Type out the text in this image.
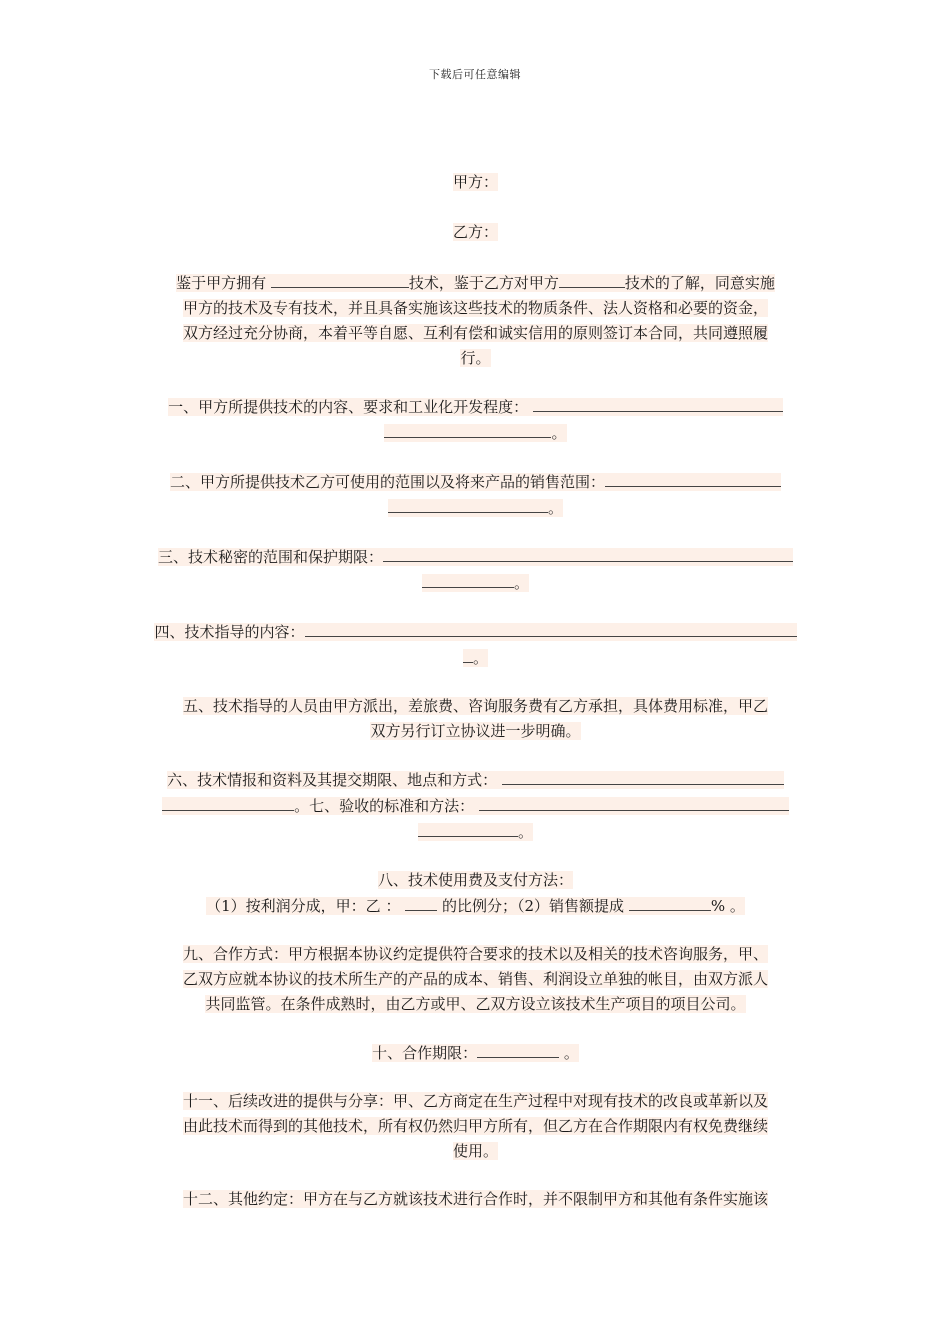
下载后可任意编辑

甲方：

乙方：

鉴于甲方拥有	技术，鉴于乙方对甲方	技术的了解，同意实施

甲方的技术及专有技术，并且具备实施该这些技术的物质条件、法人资格和必要的资金，

双方经过充分协商，本着平等自愿、互利有偿和诚实信用的原则签订本合同，共同遵照履

行。

一、甲方所提供技术的内容、要求和工业化开发程度：

。

二、甲方所提供技术乙方可使用的范围以及将来产品的销售范围：

。

三、技术秘密的范围和保护期限：

。

四、技术指导的内容：

。

五、技术指导的人员由甲方派出，差旅费、咨询服务费有乙方承担，具体费用标准，甲乙

双方另行订立协议进一步明确。

六、技术情报和资料及其提交期限、地点和方式：

。七、验收的标准和方法：

。

八、技术使用费及支付方法：

（1）按利润分成，甲：乙 ：	的比例分；（2）销售额提成	% 。

九、合作方式：甲方根据本协议约定提供符合要求的技术以及相关的技术咨询服务，甲、

乙双方应就本协议的技术所生产的产品的成本、销售、利润设立单独的帐目，由双方派人

共同监管。在条件成熟时，由乙方或甲、乙双方设立该技术生产项目的项目公司。

十、合作期限：	。

十一、后续改进的提供与分享：甲、乙方商定在生产过程中对现有技术的改良或革新以及

由此技术而得到的其他技术，所有权仍然归甲方所有，但乙方在合作期限内有权免费继续

使用。

十二、其他约定：甲方在与乙方就该技术进行合作时，并不限制甲方和其他有条件实施该
